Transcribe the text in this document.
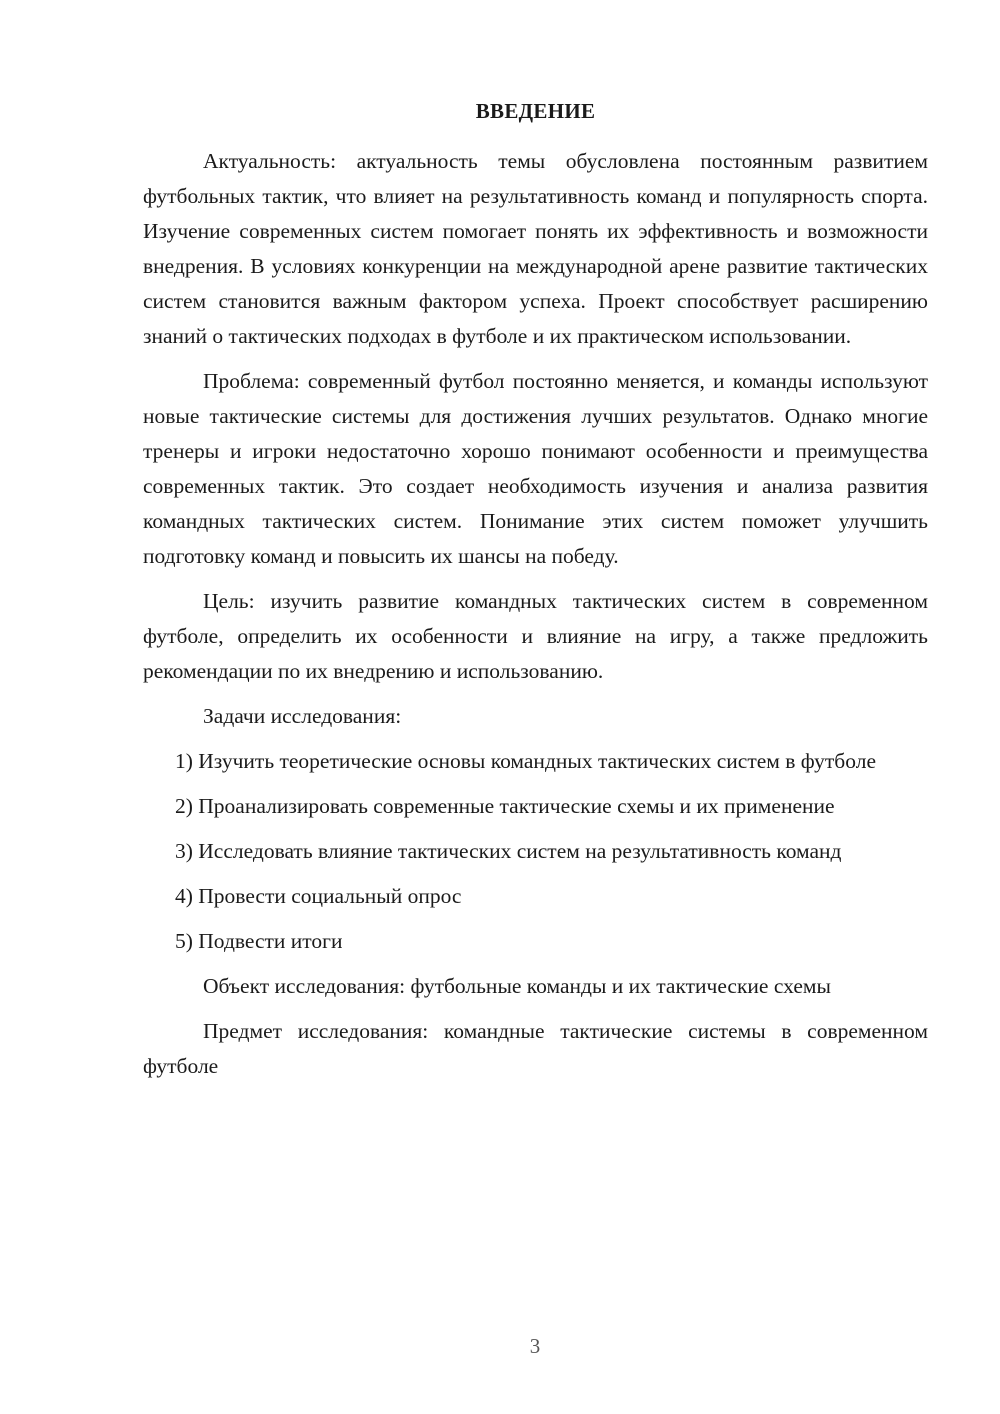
ВВЕДЕНИЕ

Актуальность: актуальность темы обусловлена постоянным развитием футбольных тактик, что влияет на результативность команд и популярность спорта. Изучение современных систем помогает понять их эффективность и возможности внедрения. В условиях конкуренции на международной арене развитие тактических систем становится важным фактором успеха. Проект способствует расширению знаний о тактических подходах в футболе и их практическом использовании.

Проблема: современный футбол постоянно меняется, и команды используют новые тактические системы для достижения лучших результатов. Однако многие тренеры и игроки недостаточно хорошо понимают особенности и преимущества современных тактик. Это создает необходимость изучения и анализа развития командных тактических систем. Понимание этих систем поможет улучшить подготовку команд и повысить их шансы на победу.

Цель: изучить развитие командных тактических систем в современном футболе, определить их особенности и влияние на игру, а также предложить рекомендации по их внедрению и использованию.

Задачи исследования:

1) Изучить теоретические основы командных тактических систем в футболе

2) Проанализировать современные тактические схемы и их применение

3) Исследовать влияние тактических систем на результативность команд

4) Провести социальный опрос

5) Подвести итоги

Объект исследования: футбольные команды и их тактические схемы

Предмет исследования: командные тактические системы в современном футболе

3
